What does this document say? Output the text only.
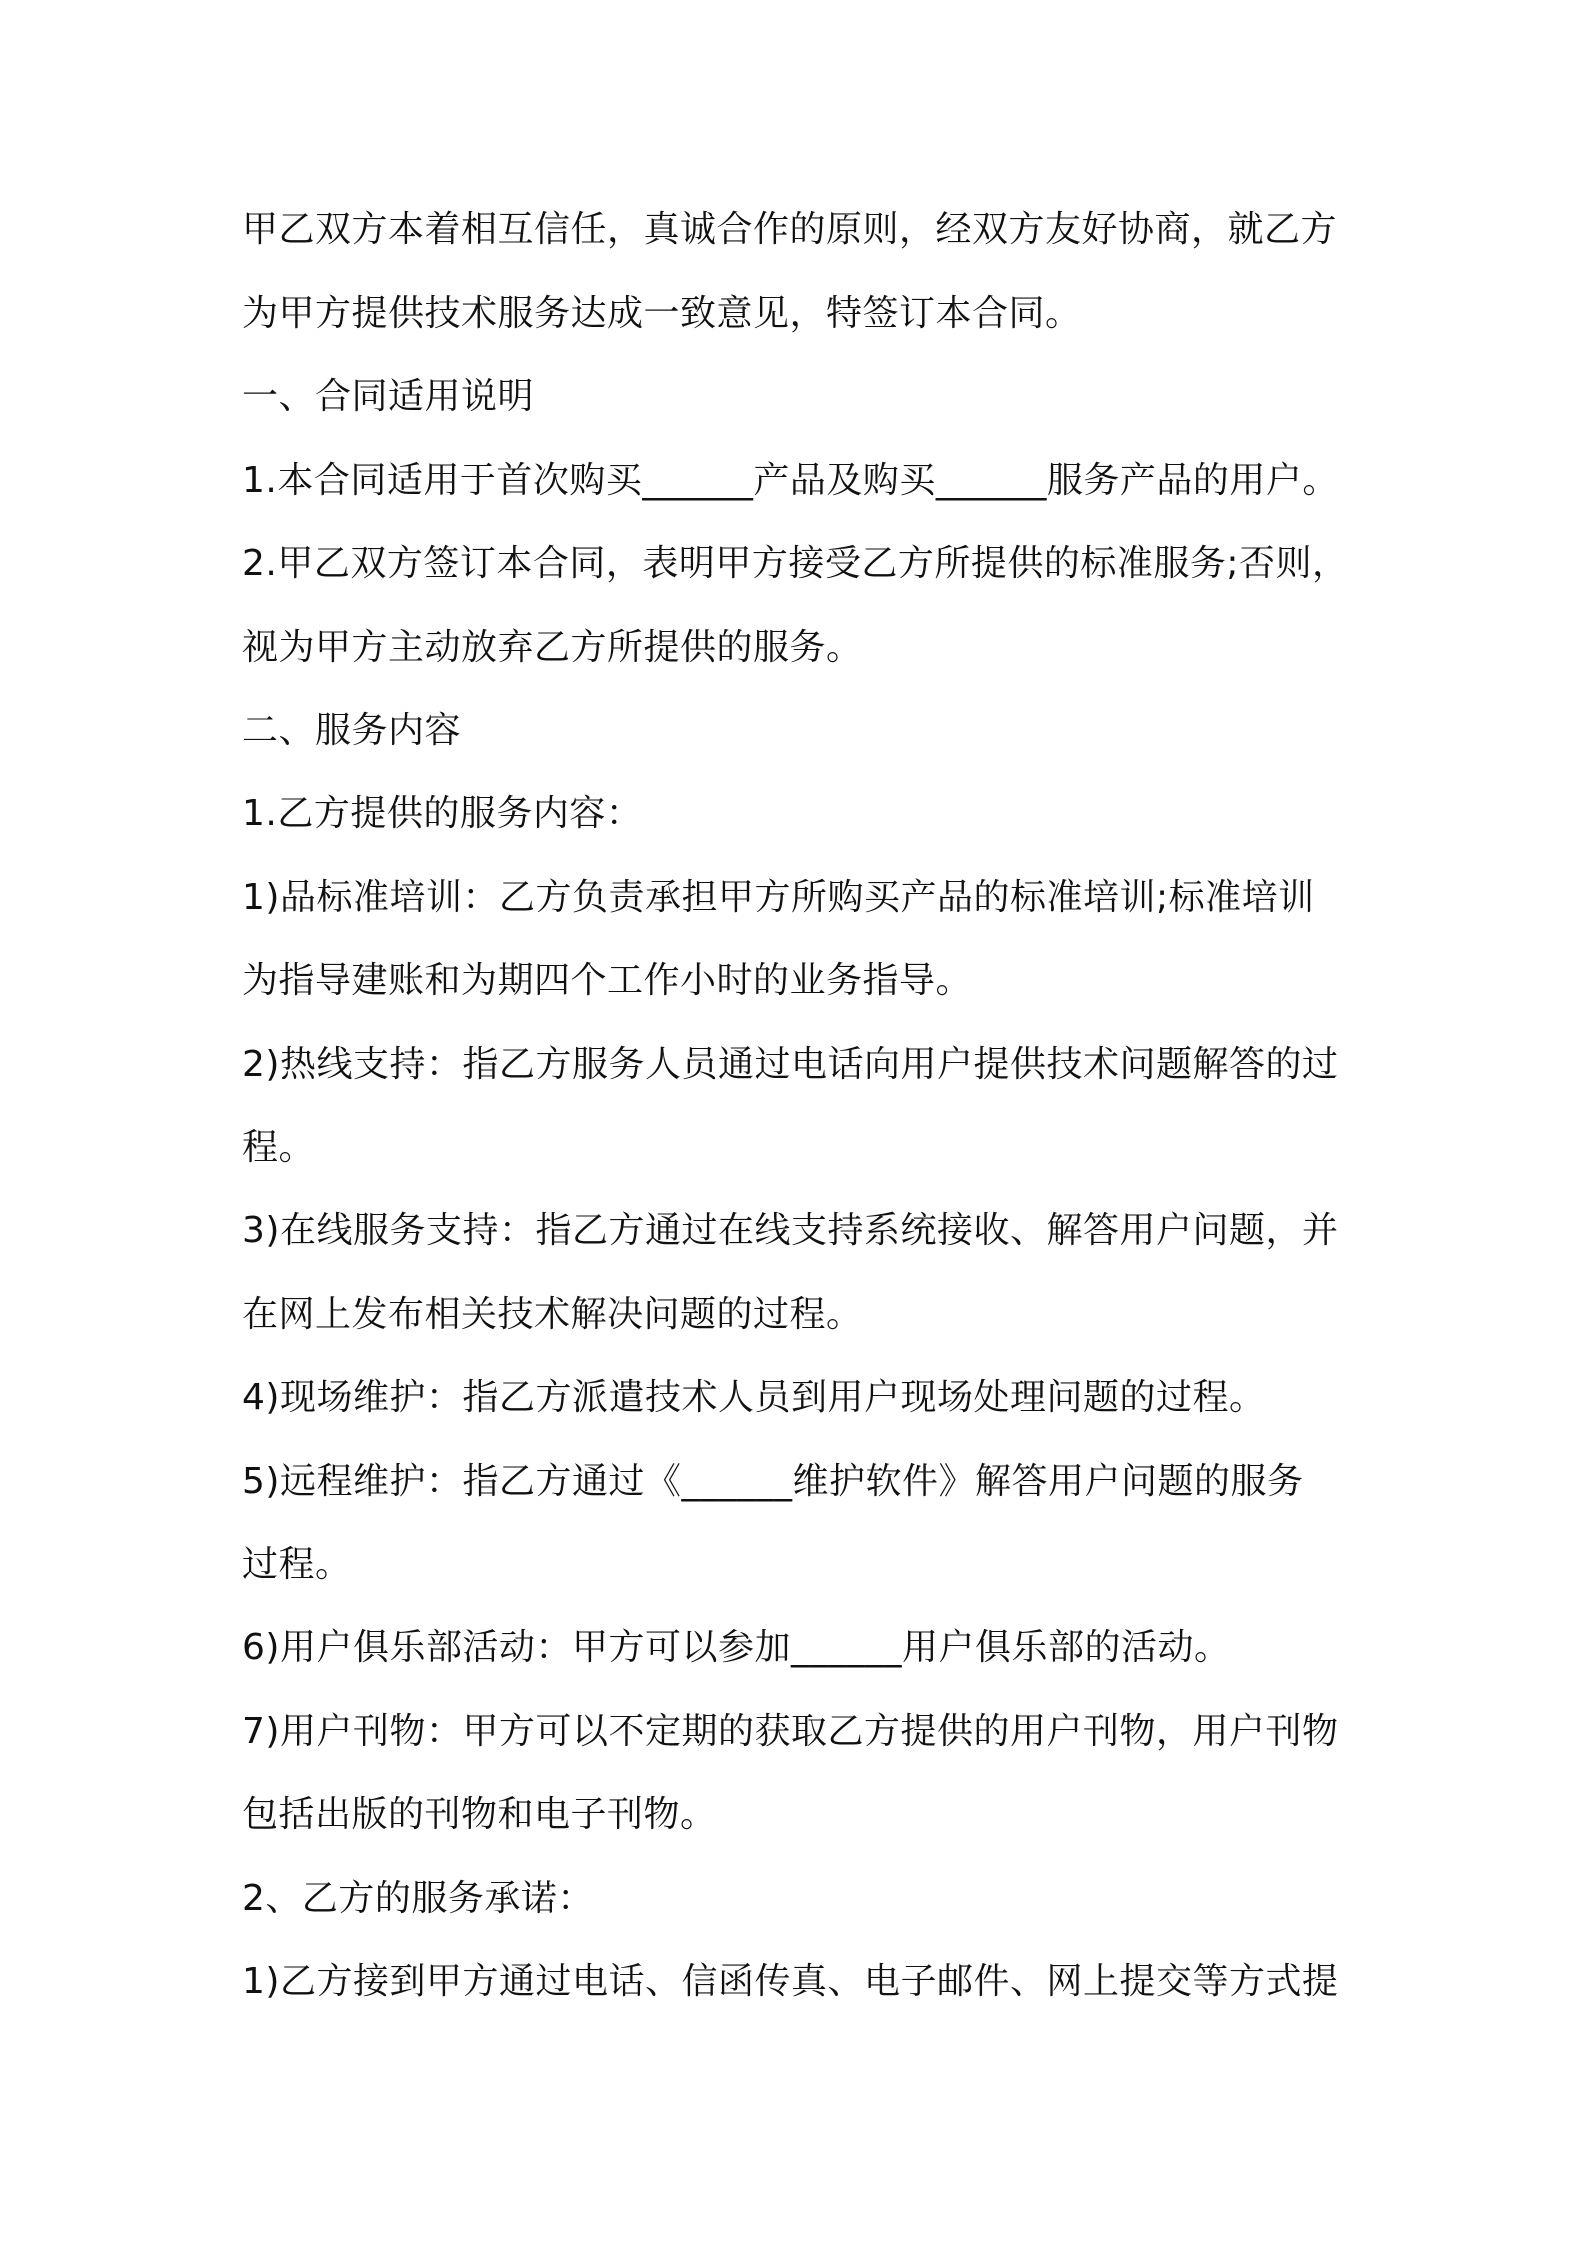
甲乙双方本着相互信任，真诚合作的原则，经双方友好协商，就乙方
为甲方提供技术服务达成一致意见，特签订本合同。
一、合同适用说明
1.本合同适用于首次购买______产品及购买______服务产品的用户。
2.甲乙双方签订本合同，表明甲方接受乙方所提供的标准服务;否则，
视为甲方主动放弃乙方所提供的服务。
二、服务内容
1.乙方提供的服务内容：
1)品标准培训：乙方负责承担甲方所购买产品的标准培训;标准培训
为指导建账和为期四个工作小时的业务指导。
2)热线支持：指乙方服务人员通过电话向用户提供技术问题解答的过
程。
3)在线服务支持：指乙方通过在线支持系统接收、解答用户问题，并
在网上发布相关技术解决问题的过程。
4)现场维护：指乙方派遣技术人员到用户现场处理问题的过程。
5)远程维护：指乙方通过《______维护软件》解答用户问题的服务
过程。
6)用户俱乐部活动：甲方可以参加______用户俱乐部的活动。
7)用户刊物：甲方可以不定期的获取乙方提供的用户刊物，用户刊物
包括出版的刊物和电子刊物。
2、乙方的服务承诺：
1)乙方接到甲方通过电话、信函传真、电子邮件、网上提交等方式提
